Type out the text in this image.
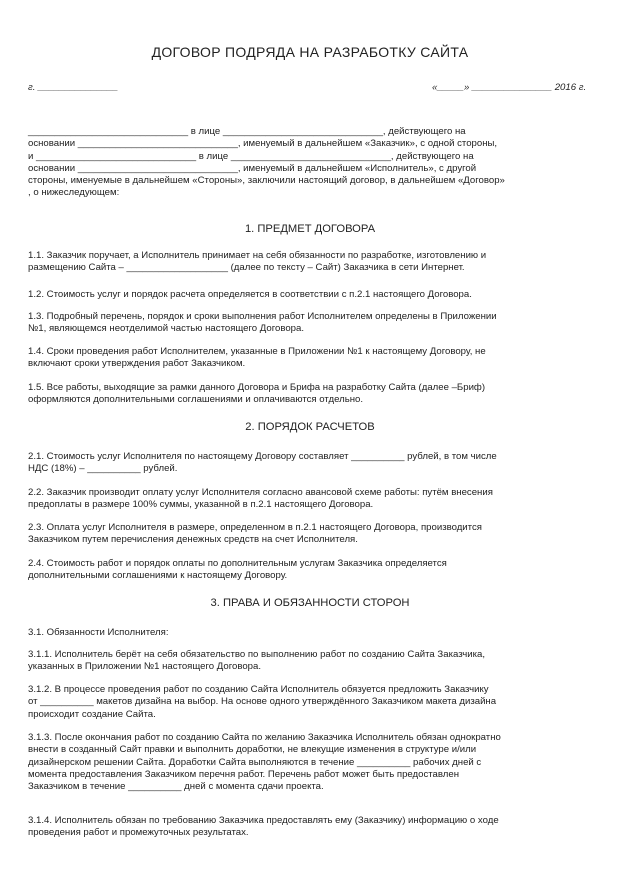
ДОГОВОР ПОДРЯДА НА РАЗРАБОТКУ САЙТА
г. _______________	«_____» _______________ 2016 г.
______________________________ в лице ______________________________, действующего на
основании ______________________________, именуемый в дальнейшем «Заказчик», с одной стороны,
и ______________________________ в лице ______________________________, действующего на
основании ______________________________, именуемый в дальнейшем «Исполнитель», с другой
стороны, именуемые в дальнейшем «Стороны», заключили настоящий договор, в дальнейшем «Договор»
, о нижеследующем:
1. ПРЕДМЕТ ДОГОВОРА
1.1. Заказчик поручает, а Исполнитель принимает на себя обязанности по разработке, изготовлению и
размещению Сайта – ___________________ (далее по тексту – Сайт) Заказчика в сети Интернет.
1.2. Стоимость услуг и порядок расчета определяется в соответствии с п.2.1 настоящего Договора.
1.3. Подробный перечень, порядок и сроки выполнения работ Исполнителем определены в Приложении
№1, являющемся неотделимой частью настоящего Договора.
1.4. Сроки проведения работ Исполнителем, указанные в Приложении №1 к настоящему Договору, не
включают сроки утверждения работ Заказчиком.
1.5. Все работы, выходящие за рамки данного Договора и Брифа на разработку Сайта (далее –Бриф)
оформляются дополнительными соглашениями и оплачиваются отдельно.
2. ПОРЯДОК РАСЧЕТОВ
2.1. Стоимость услуг Исполнителя по настоящему Договору составляет __________ рублей, в том числе
НДС (18%) – __________ рублей.
2.2. Заказчик производит оплату услуг Исполнителя согласно авансовой схеме работы: путём внесения
предоплаты в размере 100% суммы, указанной в п.2.1 настоящего Договора.
2.3. Оплата услуг Исполнителя в размере, определенном в п.2.1 настоящего Договора, производится
Заказчиком путем перечисления денежных средств на счет Исполнителя.
2.4. Стоимость работ и порядок оплаты по дополнительным услугам Заказчика определяется
дополнительными соглашениями к настоящему Договору.
3. ПРАВА И ОБЯЗАННОСТИ СТОРОН
3.1. Обязанности Исполнителя:
3.1.1. Исполнитель берёт на себя обязательство по выполнению работ по созданию Сайта Заказчика,
указанных в Приложении №1 настоящего Договора.
3.1.2. В процессе проведения работ по созданию Сайта Исполнитель обязуется предложить Заказчику
от __________ макетов дизайна на выбор. На основе одного утверждённого Заказчиком макета дизайна
происходит создание Сайта.
3.1.3. После окончания работ по созданию Сайта по желанию Заказчика Исполнитель обязан однократно
внести в созданный Сайт правки и выполнить доработки, не влекущие изменения в структуре и/или
дизайнерском решении Сайта. Доработки Сайта выполняются в течение __________ рабочих дней с
момента предоставления Заказчиком перечня работ. Перечень работ может быть предоставлен
Заказчиком в течение __________ дней с момента сдачи проекта.
3.1.4. Исполнитель обязан по требованию Заказчика предоставлять ему (Заказчику) информацию о ходе
проведения работ и промежуточных результатах.
